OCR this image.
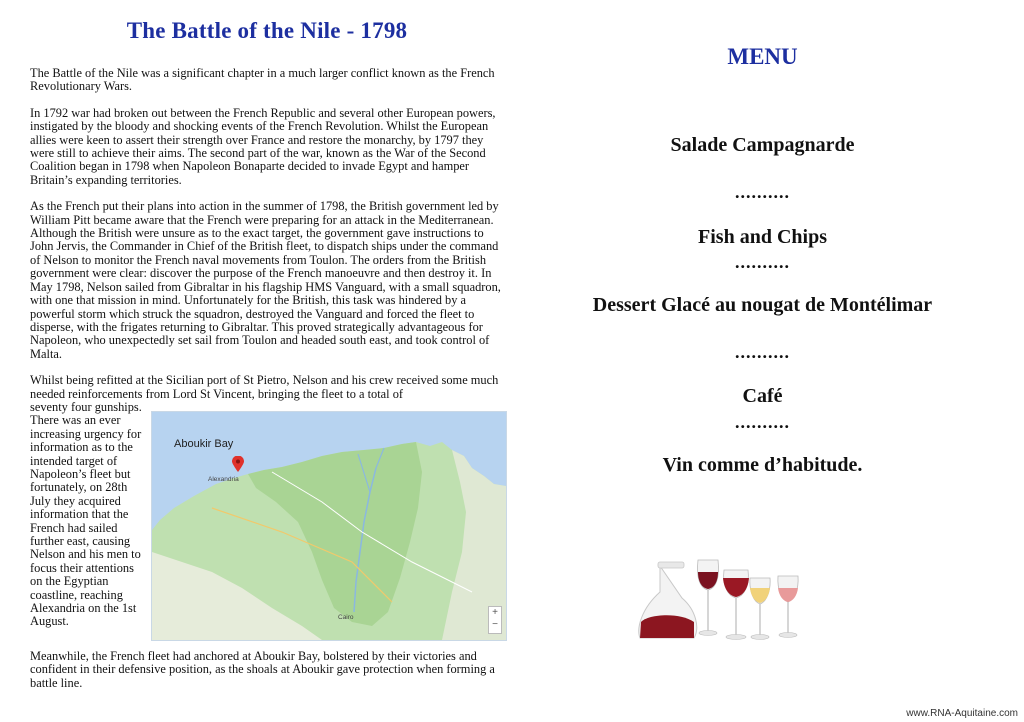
The Battle of the Nile - 1798

The Battle of the Nile was a significant chapter in a much larger conflict known as the French Revolutionary Wars.

In 1792 war had broken out between the French Republic and several other European powers, instigated by the bloody and shocking events of the French Revolution. Whilst the European allies were keen to assert their strength over France and restore the monarchy, by 1797 they were still to achieve their aims. The second part of the war, known as the War of the Second Coalition began in 1798 when Napoleon Bonaparte decided to invade Egypt and hamper Britain’s expanding territories.

As the French put their plans into action in the summer of 1798, the British government led by William Pitt became aware that the French were preparing for an attack in the Mediterranean. Although the British were unsure as to the exact target, the government gave instructions to John Jervis, the Commander in Chief of the British fleet, to dispatch ships under the command of Nelson to monitor the French naval movements from Toulon. The orders from the British government were clear: discover the purpose of the French manoeuvre and then destroy it. In May 1798, Nelson sailed from Gibraltar in his flagship HMS Vanguard, with a small squadron, with one that mission in mind. Unfortunately for the British, this task was hindered by a powerful storm which struck the squadron, destroyed the Vanguard and forced the fleet to disperse, with the frigates returning to Gibraltar. This proved strategically advantageous for Napoleon, who unexpectedly set sail from Toulon and headed south east, and took control of Malta.

Whilst being refitted at the Sicilian port of St Pietro, Nelson and his crew received some much needed reinforcements from Lord St Vincent, bringing the fleet to a total of

seventy four gunships. There was an ever increasing urgency for information as to the intended target of Napoleon’s fleet but fortunately, on 28th July they acquired information that the French had sailed further east, causing Nelson and his men to focus their attentions on the Egyptian coastline, reaching Alexandria on the 1st August.
Aboukir Bay
Alexandria
Cairo	+
−

Meanwhile, the French fleet had anchored at Aboukir Bay, bolstered by their victories and confident in their defensive position, as the shoals at Aboukir gave protection when forming a battle line.

MENU
Salade Campagnarde
..........
Fish and Chips
..........
Dessert Glacé au nougat de Montélimar
..........
Café
..........
Vin comme d’habitude.
www.RNA-Aquitaine.com
